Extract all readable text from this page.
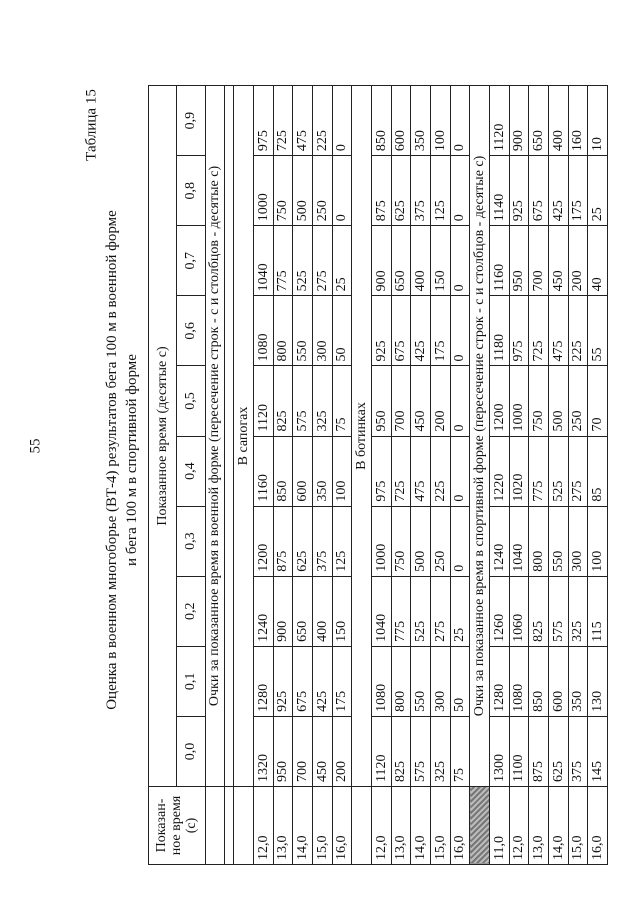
55
Таблица 15
Оценка в военном многоборье (ВТ-4) результатов бега 100 м в военной форме и бега 100 м в спортивной форме
Показан-ное время (с)	Показанное время (десятые с)									
	0,0	0,1	0,2	0,3	0,4	0,5	0,6	0,7	0,8	0,9
	Очки за показанное время в военной форме (пересечение строк - с и столбцов - десятые с)									

	В сапогах									
12,0	1320	1280	1240	1200	1160	1120	1080	1040	1000	975
13,0	950	925	900	875	850	825	800	775	750	725
14,0	700	675	650	625	600	575	550	525	500	475
15,0	450	425	400	375	350	325	300	275	250	225
16,0	200	175	150	125	100	75	50	25	0	0
	В ботинках									
12,0	1120	1080	1040	1000	975	950	925	900	875	850
13,0	825	800	775	750	725	700	675	650	625	600
14,0	575	550	525	500	475	450	425	400	375	350
15,0	325	300	275	250	225	200	175	150	125	100
16,0	75	50	25	0	0	0	0	0	0	0
	Очки за показанное время в спортивной форме (пересечение строк - с и столбцов - десятые с)									
11,0	1300	1280	1260	1240	1220	1200	1180	1160	1140	1120
12,0	1100	1080	1060	1040	1020	1000	975	950	925	900
13,0	875	850	825	800	775	750	725	700	675	650
14,0	625	600	575	550	525	500	475	450	425	400
15,0	375	350	325	300	275	250	225	200	175	160
16,0	145	130	115	100	85	70	55	40	25	10
